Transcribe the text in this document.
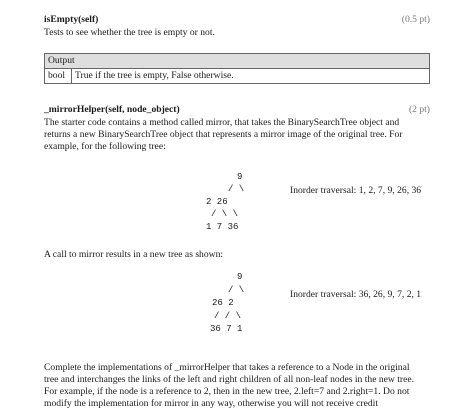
isEmpty(self)	(0.5 pt)
Tests to see whether the tree is empty or not.
Output
bool	True if the tree is empty, False otherwise.
_mirrorHelper(self, node_object)	(2 pt)

The starter code contains a method called mirror, that takes the BinarySearchTree object and

returns a new BinarySearchTree object that represents a mirror image of the original tree. For

example, for the following tree:

9
/ \
2 26
/ \ \
1 7 36
Inorder traversal: 1, 2, 7, 9, 26, 36
A call to mirror results in a new tree as shown:
9
/ \
26 2
/ / \
36 7 1
Inorder traversal: 36, 26, 9, 7, 2, 1

Complete the implementations of _mirrorHelper that takes a reference to a Node in the original

tree and interchanges the links of the left and right children of all non-leaf nodes in the new tree.

For example, if the node is a reference to 2, then in the new tree, 2.left=7 and 2.right=1. Do not

modify the implementation for mirror in any way, otherwise you will not receive credit
